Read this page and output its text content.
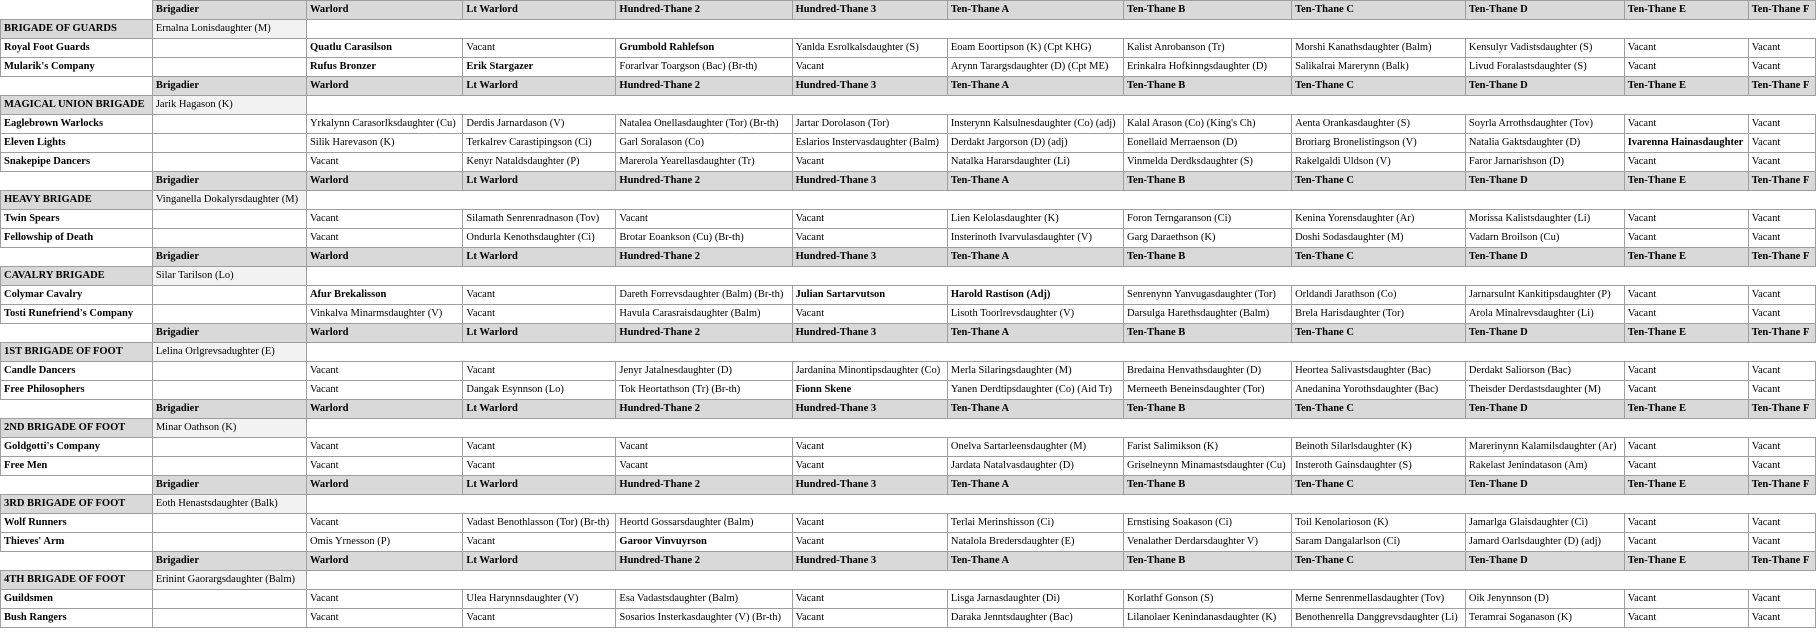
	Brigadier	Warlord	Lt Warlord	Hundred-Thane 2	Hundred-Thane 3	Ten-Thane A	Ten-Thane B	Ten-Thane C	Ten-Thane D	Ten-Thane E	Ten-Thane F
BRIGADE OF GUARDS	Ernalna Lonisdaughter (M)										
Royal Foot Guards		Quatlu Carasilson	Vacant	Grumbold Rahlefson	Yanlda Esrolkalsdaughter (S)	Eoam Eoortipson (K) (Cpt KHG)	Kalist Anrobanson (Tr)	Morshi Kanathsdaughter (Balm)	Kensulyr Vadistsdaughter (S)	Vacant	Vacant
Mularik's Company		Rufus Bronzer	Erik Stargazer	Forarlvar Toargson (Bac) (Br-th)	Vacant	Arynn Tarargsdaughter (D) (Cpt ME)	Erinkalra Hofkinngsdaughter (D)	Salikalrai Marerynn (Balk)	Livud Foralastsdaughter (S)	Vacant	Vacant
	Brigadier	Warlord	Lt Warlord	Hundred-Thane 2	Hundred-Thane 3	Ten-Thane A	Ten-Thane B	Ten-Thane C	Ten-Thane D	Ten-Thane E	Ten-Thane F
MAGICAL UNION BRIGADE	Jarik Hagason (K)										
Eaglebrown Warlocks		Yrkalynn Carasorlksdaughter (Cu)	Derdis Jarnardason (V)	Natalea Onellasdaughter (Tor) (Br-th)	Jartar Dorolason (Tor)	Insterynn Kalsulnesdaughter (Co) (adj)	Kalal Arason (Co) (King's Ch)	Aenta Orankasdaughter (S)	Soyrla Arrothsdaughter (Tov)	Vacant	Vacant
Eleven Lights		Silik Harevason (K)	Terkalrev Carastipingson (Ci)	Garl Soralason (Co)	Eslarios Instervasdaughter (Balm)	Derdakt Jargorson (D) (adj)	Eonellaid Merraenson (D)	Broriarg Bronelistingson (V)	Natalia Gaktsdaughter (D)	Ivarenna Hainasdaughter	Vacant
Snakepipe Dancers		Vacant	Kenyr Nataldsdaughter (P)	Marerola Yearellasdaughter (Tr)	Vacant	Natalka Hararsdaughter (Li)	Vinmelda Derdksdaughter (S)	Rakelgaldi Uldson (V)	Faror Jarnarishson (D)	Vacant	Vacant
	Brigadier	Warlord	Lt Warlord	Hundred-Thane 2	Hundred-Thane 3	Ten-Thane A	Ten-Thane B	Ten-Thane C	Ten-Thane D	Ten-Thane E	Ten-Thane F
HEAVY BRIGADE	Vinganella Dokalyrsdaughter (M)										
Twin Spears		Vacant	Silamath Senrenradnason (Tov)	Vacant	Vacant	Lien Kelolasdaughter (K)	Foron Terngaranson (Ci)	Kenina Yorensdaughter (Ar)	Morissa Kalistsdaughter (Li)	Vacant	Vacant
Fellowship of Death		Vacant	Ondurla Kenothsdaughter (Ci)	Brotar Eoankson (Cu) (Br-th)	Vacant	Insterinoth Ivarvulasdaughter (V)	Garg Daraethson (K)	Doshi Sodasdaughter (M)	Vadarn Broilson (Cu)	Vacant	Vacant
	Brigadier	Warlord	Lt Warlord	Hundred-Thane 2	Hundred-Thane 3	Ten-Thane A	Ten-Thane B	Ten-Thane C	Ten-Thane D	Ten-Thane E	Ten-Thane F
CAVALRY BRIGADE	Silar Tarilson (Lo)										
Colymar Cavalry		Afur Brekalisson	Vacant	Dareth Forrevsdaughter (Balm) (Br-th)	Julian Sartarvutson	Harold Rastison (Adj)	Senrenynn Yanvugasdaughter (Tor)	Orldandi Jarathson (Co)	Jarnarsulnt Kankitipsdaughter (P)	Vacant	Vacant
Tosti Runefriend's Company		Vinkalva Minarmsdaughter (V)	Vacant	Havula Carasraisdaughter (Balm)	Vacant	Lisoth Toorlrevsdaughter (V)	Darsulga Harethsdaughter (Balm)	Brela Harisdaughter (Tor)	Arola Minalrevsdaughter (Li)	Vacant	Vacant
	Brigadier	Warlord	Lt Warlord	Hundred-Thane 2	Hundred-Thane 3	Ten-Thane A	Ten-Thane B	Ten-Thane C	Ten-Thane D	Ten-Thane E	Ten-Thane F
1ST BRIGADE OF FOOT	Lelina Orlgrevsadughter (E)										
Candle Dancers		Vacant	Vacant	Jenyr Jatalnesdaughter (D)	Jardanina Minontipsdaughter (Co)	Merla Silaringsdaughter (M)	Bredaina Henvathsdaughter (D)	Heortea Salivastsdaughter (Bac)	Derdakt Saliorson (Bac)	Vacant	Vacant
Free Philosophers		Vacant	Dangak Esynnson (Lo)	Tok Heortathson (Tr) (Br-th)	Fionn Skene	Yanen Derdtipsdaughter (Co) (Aid Tr)	Merneeth Beneinsdaughter (Tor)	Anedanina Yorothsdaughter (Bac)	Theisder Derdastsdaughter (M)	Vacant	Vacant
	Brigadier	Warlord	Lt Warlord	Hundred-Thane 2	Hundred-Thane 3	Ten-Thane A	Ten-Thane B	Ten-Thane C	Ten-Thane D	Ten-Thane E	Ten-Thane F
2ND BRIGADE OF FOOT	Minar Oathson (K)										
Goldgotti's Company		Vacant	Vacant	Vacant	Vacant	Onelva Sartarleensdaughter (M)	Farist Salimikson (K)	Beinoth Silarlsdaughter (K)	Marerinynn Kalamilsdaughter (Ar)	Vacant	Vacant
Free Men		Vacant	Vacant	Vacant	Vacant	Jardata Natalvasdaughter (D)	Griselneynn Minamastsdaughter (Cu)	Insteroth Gainsdaughter (S)	Rakelast Jenindatason (Am)	Vacant	Vacant
	Brigadier	Warlord	Lt Warlord	Hundred-Thane 2	Hundred-Thane 3	Ten-Thane A	Ten-Thane B	Ten-Thane C	Ten-Thane D	Ten-Thane E	Ten-Thane F
3RD BRIGADE OF FOOT	Eoth Henastsdaughter (Balk)										
Wolf Runners		Vacant	Vadast Benothlasson (Tor) (Br-th)	Heortd Gossarsdaughter (Balm)	Vacant	Terlai Merinshisson (Ci)	Ernstising Soakason (Ci)	Toil Kenolarioson (K)	Jamarlga Glaisdaughter (Ci)	Vacant	Vacant
Thieves' Arm		Omis Yrnesson (P)	Vacant	Garoor Vinvuyrson	Vacant	Natalola Bredersdaughter (E)	Venalather Derdarsdaughter V)	Saram Dangalarlson (Ci)	Jamard Oarlsdaughter (D) (adj)	Vacant	Vacant
	Brigadier	Warlord	Lt Warlord	Hundred-Thane 2	Hundred-Thane 3	Ten-Thane A	Ten-Thane B	Ten-Thane C	Ten-Thane D	Ten-Thane E	Ten-Thane F
4TH BRIGADE OF FOOT	Erinint Gaorargsdaughter (Balm)										
Guildsmen		Vacant	Ulea Harynnsdaughter (V)	Esa Vadastsdaughter (Balm)	Vacant	Lisga Jarnasdaughter (Di)	Korlathf Gonson (S)	Merne Senrenmellasdaughter (Tov)	Oik Jenynnson (D)	Vacant	Vacant
Bush Rangers		Vacant	Vacant	Sosarios Insterkasdaughter (V) (Br-th)	Vacant	Daraka Jenntsdaughter (Bac)	Lilanolaer Kenindanasdaughter (K)	Benothenrella Danggrevsdaughter (Li)	Teramrai Soganason (K)	Vacant	Vacant
